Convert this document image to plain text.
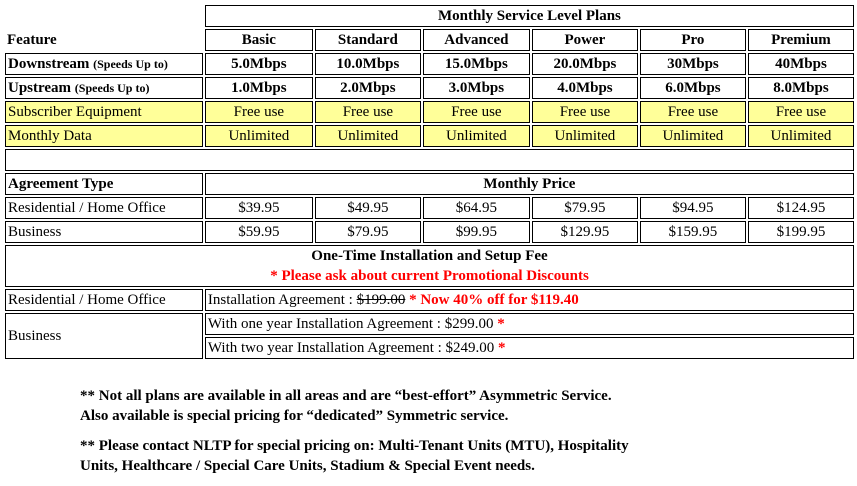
	Monthly Service Level Plans					
Feature	Basic	Standard	Advanced	Power	Pro	Premium
Downstream (Speeds Up to)	5.0Mbps	10.0Mbps	15.0Mbps	20.0Mbps	30Mbps	40Mbps
Upstream (Speeds Up to)	1.0Mbps	2.0Mbps	3.0Mbps	4.0Mbps	6.0Mbps	8.0Mbps
Subscriber Equipment	Free use	Free use	Free use	Free use	Free use	Free use
Monthly Data	Unlimited	Unlimited	Unlimited	Unlimited	Unlimited	Unlimited

Agreement Type	Monthly Price					
Residential / Home Office	$39.95	$49.95	$64.95	$79.95	$94.95	$124.95
Business	$59.95	$79.95	$99.95	$129.95	$159.95	$199.95

One-Time Installation and Setup Fee
* Please ask about current Promotional Discounts						

Residential / Home Office	Installation Agreement : $199.00 * Now 40% off for $119.40					
Business	With one year Installation Agreement : $299.00 *					
	With two year Installation Agreement : $249.00 *					

** Not all plans are available in all areas and are “best-effort” Asymmetric Service.
Also available is special pricing for “dedicated” Symmetric service.

** Please contact NLTP for special pricing on: Multi-Tenant Units (MTU), Hospitality
Units, Healthcare / Special Care Units, Stadium & Special Event needs.
